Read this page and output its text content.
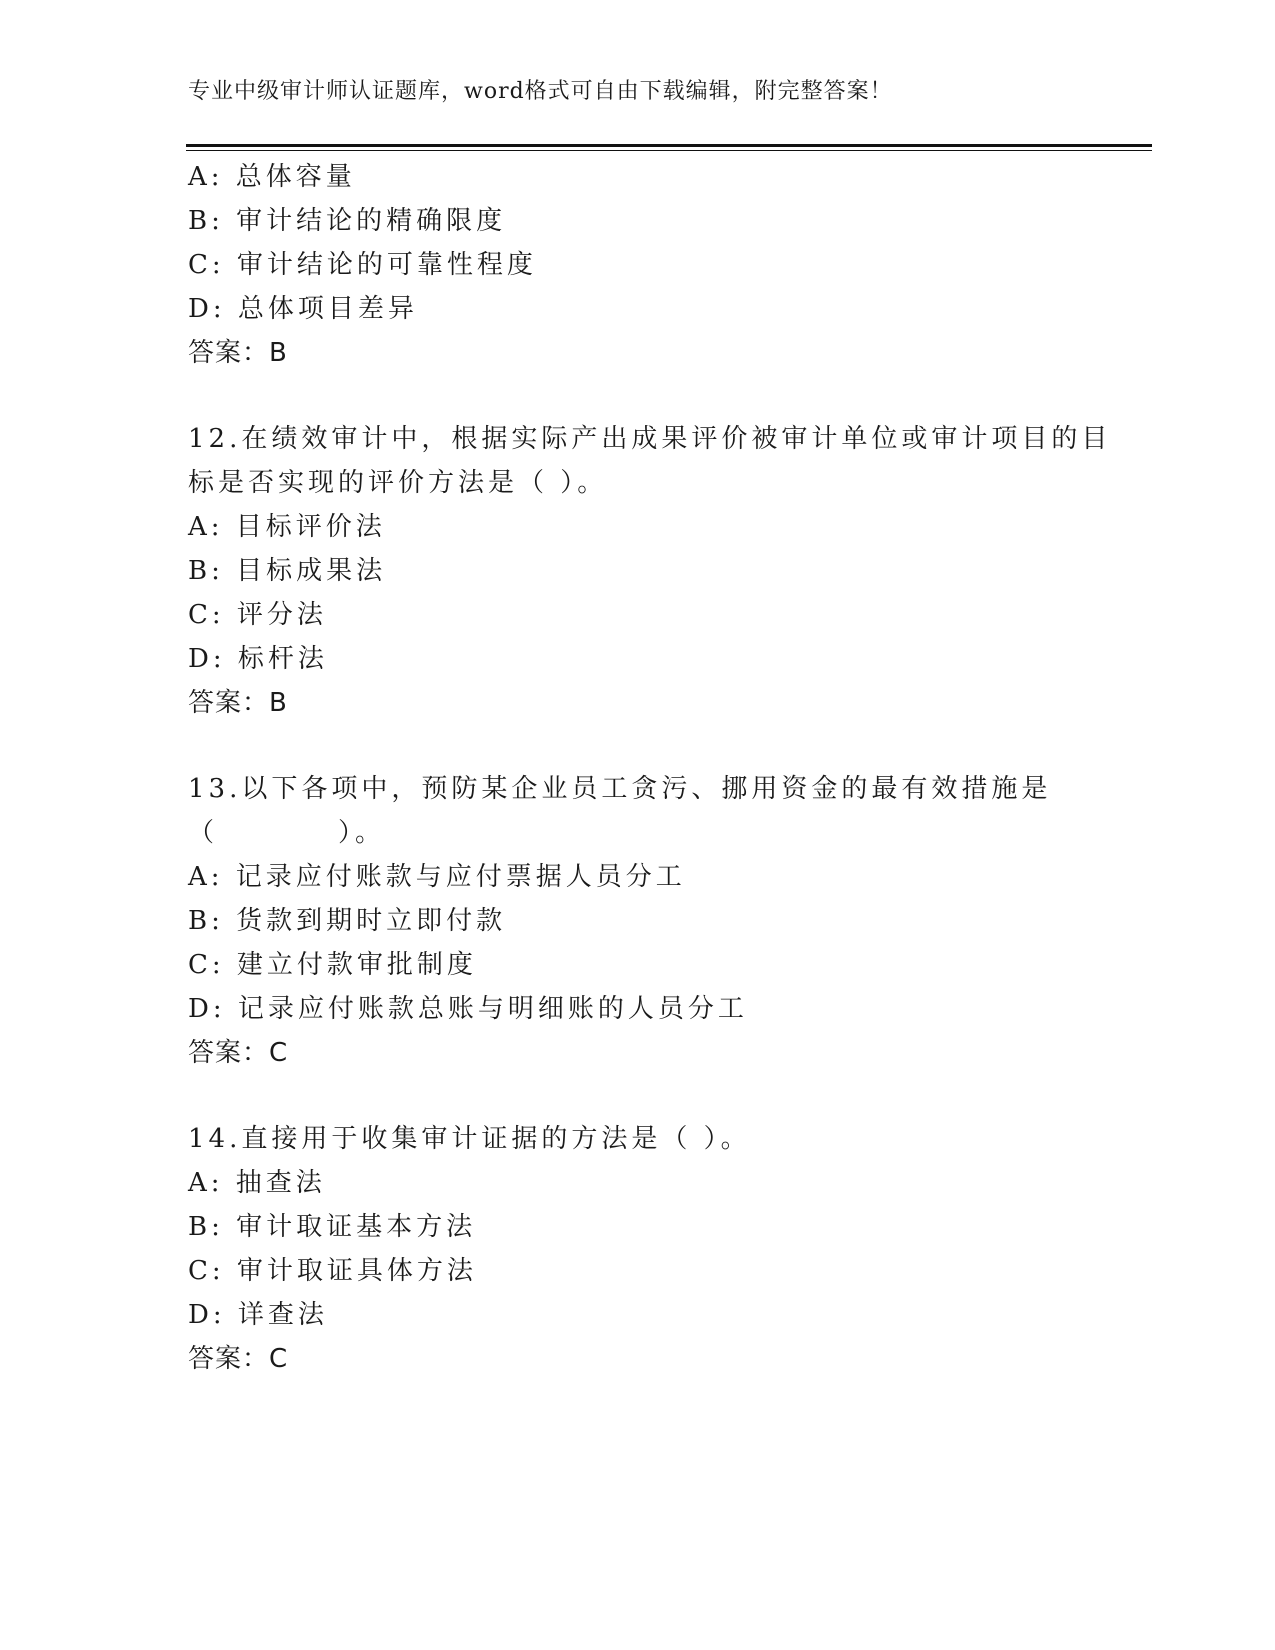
专业中级审计师认证题库，word格式可自由下载编辑，附完整答案！
A: 总体容量
B: 审计结论的精确限度
C: 审计结论的可靠性程度
D: 总体项目差异
答案：B
12.在绩效审计中，根据实际产出成果评价被审计单位或审计项目的目
标是否实现的评价方法是（ ）。
A: 目标评价法
B: 目标成果法
C: 评分法
D: 标杆法
答案：B
13.以下各项中，预防某企业员工贪污、挪用资金的最有效措施是
（　　　　）。
A: 记录应付账款与应付票据人员分工
B: 货款到期时立即付款
C: 建立付款审批制度
D: 记录应付账款总账与明细账的人员分工
答案：C
14.直接用于收集审计证据的方法是（ ）。
A: 抽查法
B: 审计取证基本方法
C: 审计取证具体方法
D: 详查法
答案：C
